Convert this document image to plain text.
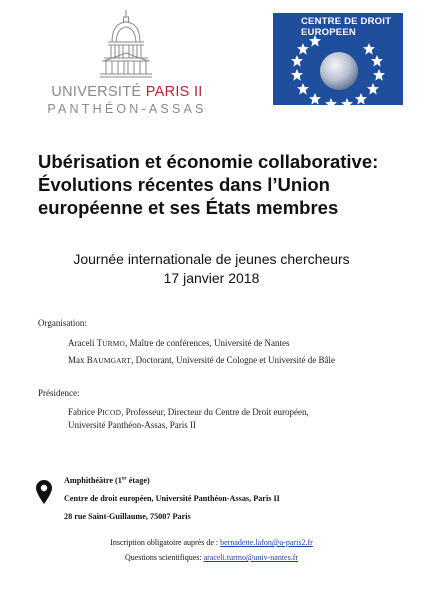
UNIVERSITÉ PARIS II
PANTHÉON-ASSAS
CENTRE DE DROIT
EUROPEEN
Ubérisation et économie collaborative:
Évolutions récentes dans l’Union
européenne et ses États membres
Journée internationale de jeunes chercheurs
17 janvier 2018
Organisation:
Araceli TURMO, Maître de conférences, Université de Nantes
Max BAUMGART, Doctorant, Université de Cologne et Université de Bâle
Présidence:
Fabrice PICOD, Professeur, Directeur du Centre de Droit européen,
Université Panthéon-Assas, Paris II
Amphithéâtre (1er étage)
Centre de droit européen, Université Panthéon-Assas, Paris II
28 rue Saint-Guillaume, 75007 Paris
Inscription obligatoire auprès de : bernadette.lafon@u-paris2.fr
Questions scientifiques: araceli.turmo@univ-nantes.fr
